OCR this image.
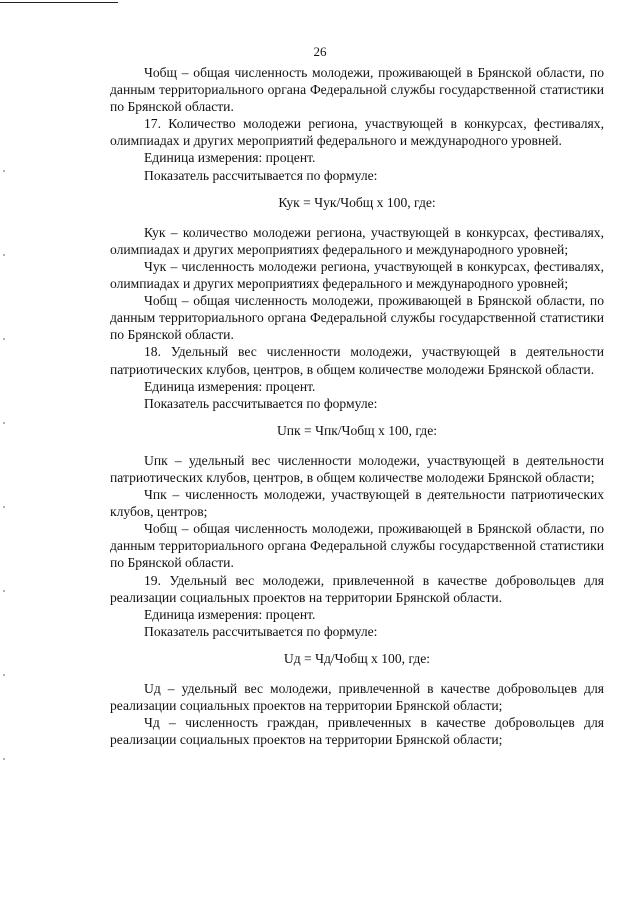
26

Чобщ – общая численность молодежи, проживающей в Брянской области, по данным территориального органа Федеральной службы государственной статистики по Брянской области.

17. Количество молодежи региона, участвующей в конкурсах, фестивалях, олимпиадах и других мероприятий федерального и международного уровней.

Единица измерения: процент.

Показатель рассчитывается по формуле:

Кук = Чук/Чобщ х 100, где:

Кук – количество молодежи региона, участвующей в конкурсах, фестивалях, олимпиадах и других мероприятиях федерального и международного уровней;

Чук – численность молодежи региона, участвующей в конкурсах, фестивалях, олимпиадах и других мероприятиях федерального и международного уровней;

Чобщ – общая численность молодежи, проживающей в Брянской области, по данным территориального органа Федеральной службы государственной статистики по Брянской области.

18. Удельный вес численности молодежи, участвующей в деятельности патриотических клубов, центров, в общем количестве молодежи Брянской области.

Единица измерения: процент.

Показатель рассчитывается по формуле:

Uпк = Чпк/Чобщ х 100, где:

Uпк – удельный вес численности молодежи, участвующей в деятельности патриотических клубов, центров, в общем количестве молодежи Брянской области;

Чпк – численность молодежи, участвующей в деятельности патриотических клубов, центров;

Чобщ – общая численность молодежи, проживающей в Брянской области, по данным территориального органа Федеральной службы государственной статистики по Брянской области.

19. Удельный вес молодежи, привлеченной в качестве добровольцев для реализации социальных проектов на территории Брянской области.

Единица измерения: процент.

Показатель рассчитывается по формуле:

Uд = Чд/Чобщ х 100, где:

Uд – удельный вес молодежи, привлеченной в качестве добровольцев для реализации социальных проектов на территории Брянской области;

Чд – численность граждан, привлеченных в качестве добровольцев для реализации социальных проектов на территории Брянской области;
